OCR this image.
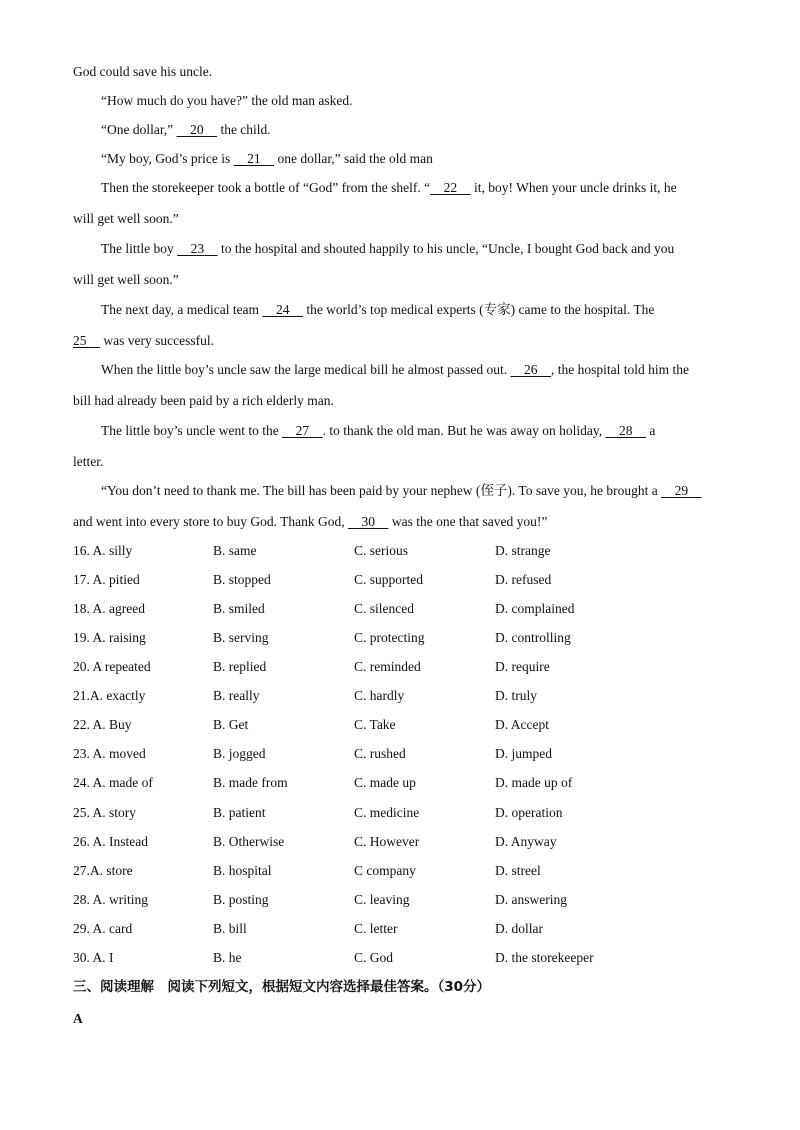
God could save his uncle.
“How much do you have?” the old man asked.
“One dollar,”     20     the child.
“My boy, God’s price is     21     one dollar,” said the old man
Then the storekeeper took a bottle of “God” from the shelf. “    22     it, boy! When your uncle drinks it, he
will get well soon.”
The little boy     23     to the hospital and shouted happily to his uncle, “Uncle, I bought God back and you
will get well soon.”
The next day, a medical team     24     the world’s top medical experts (专家) came to the hospital. The
25     was very successful.
When the little boy’s uncle saw the large medical bill he almost passed out.     26    , the hospital told him the
bill had already been paid by a rich elderly man.
The little boy’s uncle went to the     27    . to thank the old man. But he was away on holiday,     28     a
letter.
“You don’t need to thank me. The bill has been paid by your nephew (侄子). To save you, he brought a     29
and went into every store to buy God. Thank God,     30     was the one that saved you!”
16. A. silly	B. same	C. serious	D. strange
17. A. pitied	B. stopped	C. supported	D. refused
18. A. agreed	B. smiled	C. silenced	D. complained
19. A. raising	B. serving	C. protecting	D. controlling
20. A repeated	B. replied	C. reminded	D. require
21.A. exactly	B. really	C. hardly	D. truly
22. A. Buy	B. Get	C. Take	D. Accept
23. A. moved	B. jogged	C. rushed	D. jumped
24. A. made of	B. made from	C. made up	D. made up of
25. A. story	B. patient	C. medicine	D. operation
26. A. Instead	B. Otherwise	C. However	D. Anyway
27.A. store	B. hospital	C company	D. streel
28. A. writing	B. posting	C. leaving	D. answering
29. A. card	B. bill	C. letter	D. dollar
30. A. I	B. he	C. God	D. the storekeeper
三、阅读理解　阅读下列短文，根据短文内容选择最佳答案。（30分）
A
